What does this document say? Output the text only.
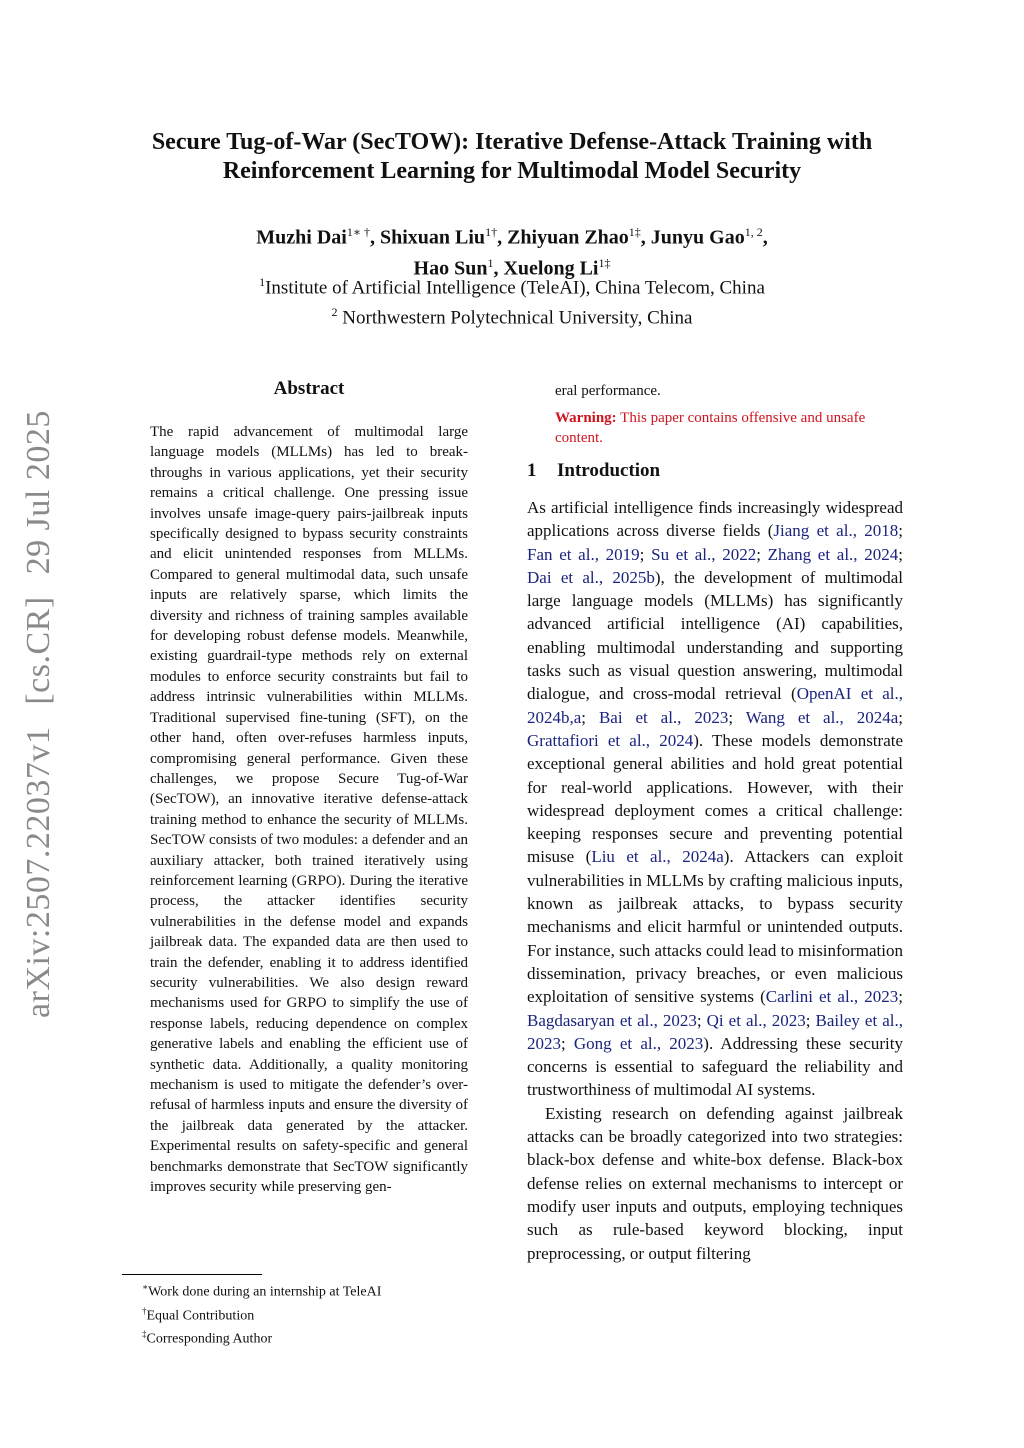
arXiv:2507.22037v1[cs.CR]29 Jul 2025
Secure Tug-of-War (SecTOW): Iterative Defense-Attack Training with
Reinforcement Learning for Multimodal Model Security
Muzhi Dai$^{1∗ \dagger}$, Shixuan Liu$^{1\dagger}$, Zhiyuan Zhao$^{1\ddagger}$, Junyu Gao$^{1, 2}$,
Hao Sun$^1$, Xuelong $Li^{1\ddagger}$
$^1$Institute of Artificial Intelligence (TeleAI), China Telecom, China
$^2$ Northwestern Polytechnical University, China
Abstract
The rapid advancement of multimodal large language models (MLLMs) has led to break-throughs in various applications, yet their security remains a critical challenge. One pressing issue involves unsafe image-query pairs-jailbreak inputs specifically designed to bypass security constraints and elicit unintended responses from MLLMs. Compared to general multimodal data, such unsafe inputs are relatively sparse, which limits the diversity and richness of training samples available for developing robust defense models. Meanwhile, existing guardrail-type methods rely on external modules to enforce security constraints but fail to address intrinsic vulnerabilities within MLLMs. Traditional supervised fine-tuning (SFT), on the other hand, often over-refuses harmless inputs, compromising general performance. Given these challenges, we propose Secure Tug-of-War (SecTOW), an innovative iterative defense-attack training method to enhance the security of MLLMs. SecTOW consists of two modules: a defender and an auxiliary attacker, both trained iteratively using reinforcement learning (GRPO). During the iterative process, the attacker identifies security vulnerabilities in the defense model and expands jailbreak data. The expanded data are then used to train the defender, enabling it to address identified security vulnerabilities. We also design reward mechanisms used for GRPO to simplify the use of response labels, reducing dependence on complex generative labels and enabling the efficient use of synthetic data. Additionally, a quality monitoring mechanism is used to mitigate the defender’s over-refusal of harmless inputs and ensure the diversity of the jailbreak data generated by the attacker. Experimental results on safety-specific and general benchmarks demonstrate that SecTOW significantly improves security while preserving gen-
∗Work done during an internship at TeleAI
†Equal Contribution
‡Corresponding Author
eral performance.
Warning: This paper contains offensive and unsafe content.
1 Introduction

As artificial intelligence finds increasingly widespread applications across diverse fields (Jiang et al., 2018; Fan et al., 2019; Su et al., 2022; Zhang et al., 2024; Dai et al., 2025b), the development of multimodal large language models (MLLMs) has significantly advanced artificial intelligence (AI) capabilities, enabling multimodal understanding and supporting tasks such as visual question answering, multimodal dialogue, and cross-modal retrieval (OpenAI et al., 2024b,a; Bai et al., 2023; Wang et al., 2024a; Grattafiori et al., 2024). These models demonstrate exceptional general abilities and hold great potential for real-world applications. However, with their widespread deployment comes a critical challenge: keeping responses secure and preventing potential misuse (Liu et al., 2024a). Attackers can exploit vulnerabilities in MLLMs by crafting malicious inputs, known as jailbreak attacks, to bypass security mechanisms and elicit harmful or unintended outputs. For instance, such attacks could lead to misinformation dissemination, privacy breaches, or even malicious exploitation of sensitive systems (Carlini et al., 2023; Bagdasaryan et al., 2023; Qi et al., 2023; Bailey et al., 2023; Gong et al., 2023). Addressing these security concerns is essential to safeguard the reliability and trustworthiness of multimodal AI systems.

Existing research on defending against jailbreak attacks can be broadly categorized into two strategies: black-box defense and white-box defense. Black-box defense relies on external mechanisms to intercept or modify user inputs and outputs, employing techniques such as rule-based keyword blocking, input preprocessing, or output filtering
